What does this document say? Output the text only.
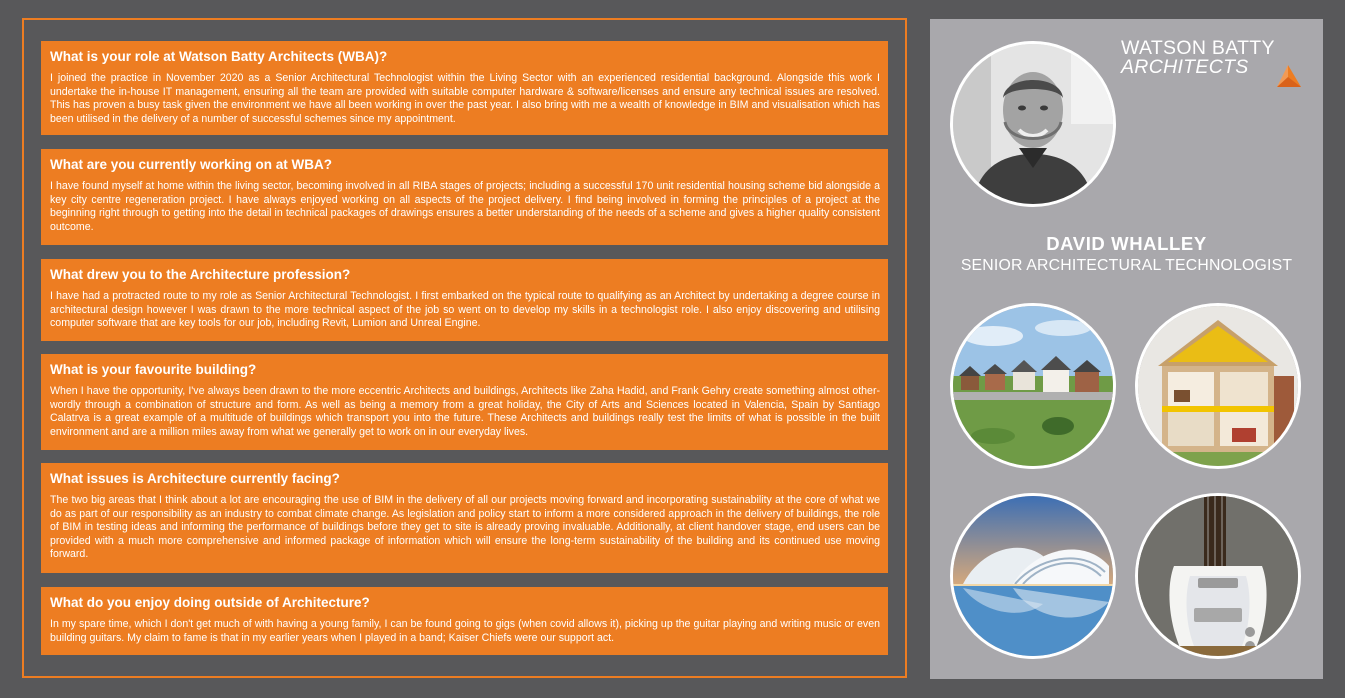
What is your role at Watson Batty Architects (WBA)?

I joined the practice in November 2020 as a Senior Architectural Technologist within the Living Sector with an experienced residential background. Alongside this work I undertake the in-house IT management, ensuring all the team are provided with suitable computer hardware & software/licenses and ensure any technical issues are resolved. This has proven a busy task given the environment we have all been working in over the past year. I also bring with me a wealth of knowledge in BIM and visualisation which has been utilised in the delivery of a number of successful schemes since my appointment.

What are you currently working on at WBA?

I have found myself at home within the living sector, becoming involved in all RIBA stages of projects; including a successful 170 unit residential housing scheme bid alongside a key city centre regeneration project. I have always enjoyed working on all aspects of the project delivery. I find being involved in forming the principles of a project at the beginning right through to getting into the detail in technical packages of drawings ensures a better understanding of the needs of a scheme and gives a higher quality consistent outcome.

What drew you to the Architecture profession?

I have had a protracted route to my role as Senior Architectural Technologist. I first embarked on the typical route to qualifying as an Architect by undertaking a degree course in architectural design however I was drawn to the more technical aspect of the job so went on to develop my skills in a technologist role. I also enjoy discovering and utilising computer software that are key tools for our job, including Revit, Lumion and Unreal Engine.

What is your favourite building?

When I have the opportunity, I've always been drawn to the more eccentric Architects and buildings, Architects like Zaha Hadid, and Frank Gehry create something almost other-wordly through a combination of structure and form. As well as being a memory from a great holiday, the City of Arts and Sciences located in Valencia, Spain by Santiago Calatrva is a great example of a multitude of buildings which transport you into the future. These Architects and buildings really test the limits of what is possible in the built environment and are a million miles away from what we generally get to work on in our everyday lives.

What issues is Architecture currently facing?

The two big areas that I think about a lot are encouraging the use of BIM in the delivery of all our projects moving forward and incorporating sustainability at the core of what we do as part of our responsibility as an industry to combat climate change. As legislation and policy start to inform a more considered approach in the delivery of buildings, the role of BIM in testing ideas and informing the performance of buildings before they get to site is already proving invaluable. Additionally, at client handover stage, end users can be provided with a much more comprehensive and informed package of information which will ensure the long-term sustainability of the building and its continued use moving forward.

What do you enjoy doing outside of Architecture?

In my spare time, which I don't get much of with having a young family, I can be found going to gigs (when covid allows it), picking up the guitar playing and writing music or even building guitars. My claim to fame is that in my earlier years when I played in a band; Kaiser Chiefs were our support act.

WATSON BATTY
ARCHITECTS
DAVID WHALLEY
SENIOR ARCHITECTURAL TECHNOLOGIST
